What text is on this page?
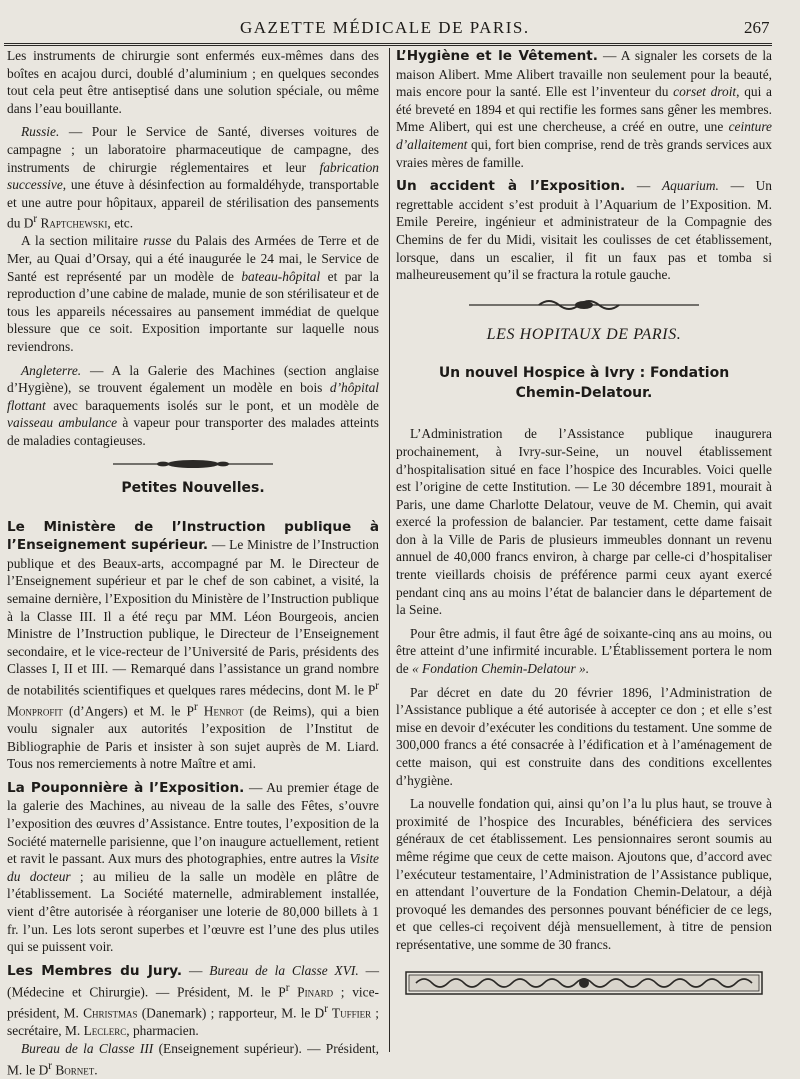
GAZETTE MÉDICALE DE PARIS.	267

Les instruments de chirurgie sont enfermés eux-mêmes dans des boîtes en acajou durci, doublé d’aluminium ; en quelques secondes tout cela peut être antiseptisé dans une solution spéciale, ou même dans l’eau bouillante.

Russie. — Pour le Service de Santé, diverses voitures de campagne ; un laboratoire pharmaceutique de campagne, des instruments de chirurgie réglementaires et leur fabrication successive, une étuve à désinfection au formaldéhyde, transportable et une autre pour hôpitaux, appareil de stérilisation des pansements du $D^r$ Raptchewski, etc.

A la section militaire russe du Palais des Armées de Terre et de Mer, au Quai d’Orsay, qui a été inaugurée le 24 mai, le Service de Santé est représenté par un modèle de bateau-hôpital et par la reproduction d’une cabine de malade, munie de son stérilisateur et de tous les appareils nécessaires au pansement immédiat de quelque blessure que ce soit. Exposition importante sur laquelle nous reviendrons.

Angleterre. — A la Galerie des Machines (section anglaise d’Hygiène), se trouvent également un modèle en bois d’hôpital flottant avec baraquements isolés sur le pont, et un modèle de vaisseau ambulance à vapeur pour transporter des malades atteints de maladies contagieuses.

Petites Nouvelles.

Le Ministère de l’Instruction publique à l’Enseignement supérieur. — Le Ministre de l’Instruction publique et des Beaux-arts, accompagné par M. le Directeur de l’Enseignement supérieur et par le chef de son cabinet, a visité, la semaine dernière, l’Exposition du Ministère de l’Instruction publique à la Classe III. Il a été reçu par MM. Léon Bourgeois, ancien Ministre de l’Instruction publique, le Directeur de l’Enseignement secondaire, et le vice-recteur de l’Université de Paris, présidents des Classes I, II et III. — Remarqué dans l’assistance un grand nombre de notabilités scientifiques et quelques rares médecins, dont M. le $P^r$ Monprofit (d’Angers) et M. le $P^r$ Henrot (de Reims), qui a bien voulu signaler aux autorités l’exposition de l’Institut de Bibliographie de Paris et insister à son sujet auprès de M. Liard. Tous nos remerciements à notre Maître et ami.

La Pouponnière à l’Exposition. — Au premier étage de la galerie des Machines, au niveau de la salle des Fêtes, s’ouvre l’exposition des œuvres d’Assistance. Entre toutes, l’exposition de la Société maternelle parisienne, que l’on inaugure actuellement, retient et ravit le passant. Aux murs des photographies, entre autres la Visite du docteur ; au milieu de la salle un modèle en plâtre de l’établissement. La Société maternelle, admirablement installée, vient d’être autorisée à réorganiser une loterie de 80,000 billets à 1 fr. l’un. Les lots seront superbes et l’œuvre est l’une des plus utiles qui se puissent voir.

Les Membres du Jury. — Bureau de la Classe XVI. — (Médecine et Chirurgie). — Président, M. le $P^r$ Pinard ; vice-président, M. Christmas (Danemark) ; rapporteur, M. le $D^r$ Tuffier ; secrétaire, M. Leclerc, pharmacien.

Bureau de la Classe III (Enseignement supérieur). — Président, M. le $D^r$ Bornet.

L’Hygiène et le Vêtement. — A signaler les corsets de la maison Alibert. Mme Alibert travaille non seulement pour la beauté, mais encore pour la santé. Elle est l’inventeur du corset droit, qui a été breveté en 1894 et qui rectifie les formes sans gêner les membres. Mme Alibert, qui est une chercheuse, a créé en outre, une ceinture d’allaitement qui, fort bien comprise, rend de très grands services aux vraies mères de famille.

Un accident à l’Exposition. — Aquarium. — Un regrettable accident s’est produit à l’Aquarium de l’Exposition. M. Emile Pereire, ingénieur et administrateur de la Compagnie des Chemins de fer du Midi, visitait les coulisses de cet établissement, lorsque, dans un escalier, il fit un faux pas et tomba si malheureusement qu’il se fractura la rotule gauche.

LES HOPITAUX DE PARIS.
Un nouvel Hospice à Ivry : Fondation Chemin-Delatour.

L’Administration de l’Assistance publique inaugurera prochainement, à Ivry-sur-Seine, un nouvel établissement d’hospitalisation situé en face l’hospice des Incurables. Voici quelle est l’origine de cette Institution. — Le 30 décembre 1891, mourait à Paris, une dame Charlotte Delatour, veuve de M. Chemin, qui avait exercé la profession de balancier. Par testament, cette dame faisait don à la Ville de Paris de plusieurs immeubles donnant un revenu annuel de 40,000 francs environ, à charge par celle-ci d’hospitaliser trente vieillards choisis de préférence parmi ceux ayant exercé pendant cinq ans au moins l’état de balancier dans le département de la Seine.

Pour être admis, il faut être âgé de soixante-cinq ans au moins, ou être atteint d’une infirmité incurable. L’Établissement portera le nom de « Fondation Chemin-Delatour ».

Par décret en date du 20 février 1896, l’Administration de l’Assistance publique a été autorisée à accepter ce don ; et elle s’est mise en devoir d’exécuter les conditions du testament. Une somme de 300,000 francs a été consacrée à l’édification et à l’aménagement de cette maison, qui est construite dans des conditions excellentes d’hygiène.

La nouvelle fondation qui, ainsi qu’on l’a lu plus haut, se trouve à proximité de l’hospice des Incurables, bénéficiera des services généraux de cet établissement. Les pensionnaires seront soumis au même régime que ceux de cette maison. Ajoutons que, d’accord avec l’exécuteur testamentaire, l’Administration de l’Assistance publique, en attendant l’ouverture de la Fondation Chemin-Delatour, a déjà provoqué les demandes des personnes pouvant bénéficier de ce legs, et que celles-ci reçoivent déjà mensuellement, à titre de pension représentative, une somme de 30 francs.
